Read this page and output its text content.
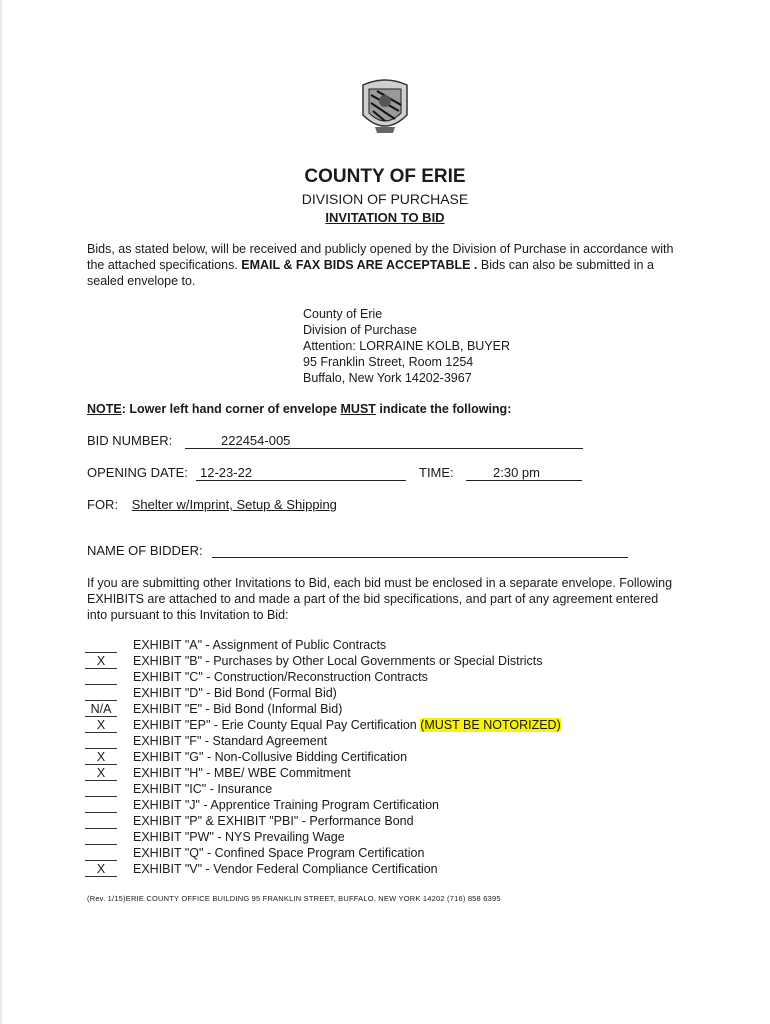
COUNTY OF ERIE
DIVISION OF PURCHASE
INVITATION TO BID
Bids, as stated below, will be received and publicly opened by the Division of Purchase in accordance with the attached specifications. EMAIL & FAX BIDS ARE ACCEPTABLE . Bids can also be submitted in a sealed envelope to.
County of Erie
Division of Purchase
Attention: LORRAINE KOLB, BUYER
95 Franklin Street, Room 1254
Buffalo, New York 14202-3967
NOTE: Lower left hand corner of envelope MUST indicate the following:
BID NUMBER:	222454-005
OPENING DATE: 12-23-22	TIME:	2:30 pm
FOR: Shelter w/Imprint, Setup & Shipping
NAME OF BIDDER:
If you are submitting other Invitations to Bid, each bid must be enclosed in a separate envelope. Following EXHIBITS are attached to and made a part of the bid specifications, and part of any agreement entered into pursuant to this Invitation to Bid:
EXHIBIT "A" - Assignment of Public Contracts
X	EXHIBIT "B" - Purchases by Other Local Governments or Special Districts
EXHIBIT "C" - Construction/Reconstruction Contracts
EXHIBIT "D" - Bid Bond (Formal Bid)
N/A	EXHIBIT "E" - Bid Bond (Informal Bid)
X	EXHIBIT "EP" - Erie County Equal Pay Certification (MUST BE NOTORIZED)
EXHIBIT "F" - Standard Agreement
X	EXHIBIT "G" - Non-Collusive Bidding Certification
X	EXHIBIT "H" - MBE/ WBE Commitment
EXHIBIT "IC" - Insurance
EXHIBIT "J" - Apprentice Training Program Certification
EXHIBIT "P" & EXHIBIT "PBI" - Performance Bond
EXHIBIT "PW" - NYS Prevailing Wage
EXHIBIT "Q" - Confined Space Program Certification
X	EXHIBIT "V" - Vendor Federal Compliance Certification
(Rev. 1/15)ERIE COUNTY OFFICE BUILDING 95 FRANKLIN STREET, BUFFALO, NEW YORK 14202 (716) 858 6395
